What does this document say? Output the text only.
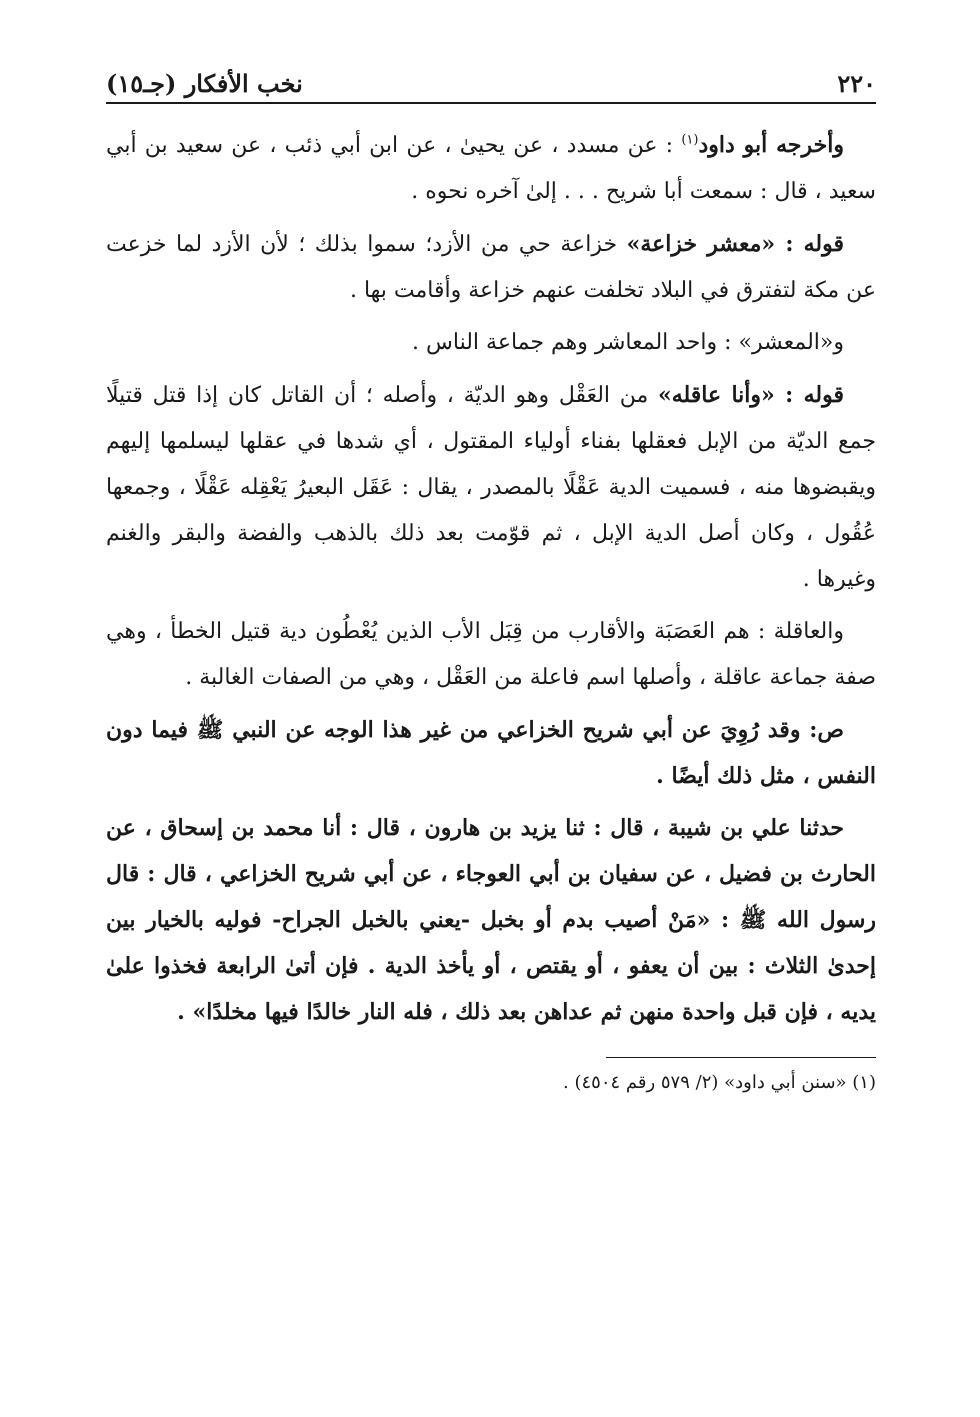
٢٢٠
نخب الأفكار (جـ١٥)

وأخرجه أبو داود$^{(١)}$ : عن مسدد ، عن يحيىٰ ، عن ابن أبي ذئب ، عن سعيد بن أبي سعيد ، قال : سمعت أبا شريح . . . إلىٰ آخره نحوه .

قوله : «معشر خزاعة» خزاعة حي من الأزد؛ سموا بذلك ؛ لأن الأزد لما خزعت عن مكة لتفترق في البلاد تخلفت عنهم خزاعة وأقامت بها .

و«المعشر» : واحد المعاشر وهم جماعة الناس .

قوله : «وأنا عاقله» من العَقْل وهو الديّة ، وأصله ؛ أن القاتل كان إذا قتل قتيلًا جمع الديّة من الإبل فعقلها بفناء أولياء المقتول ، أي شدها في عقلها ليسلمها إليهم ويقبضوها منه ، فسميت الدية عَقْلًا بالمصدر ، يقال : عَقَل البعيرُ يَعْقِله عَقْلًا ، وجمعها عُقُول ، وكان أصل الدية الإبل ، ثم قوّمت بعد ذلك بالذهب والفضة والبقر والغنم وغيرها .

والعاقلة : هم العَصَبَة والأقارب من قِبَل الأب الذين يُعْطُون دية قتيل الخطأ ، وهي صفة جماعة عاقلة ، وأصلها اسم فاعلة من العَقْل ، وهي من الصفات الغالبة .

ص: وقد رُوِيَ عن أبي شريح الخزاعي من غير هذا الوجه عن النبي ﷺ فيما دون النفس ، مثل ذلك أيضًا .

حدثنا علي بن شيبة ، قال : ثنا يزيد بن هارون ، قال : أنا محمد بن إسحاق ، عن الحارث بن فضيل ، عن سفيان بن أبي العوجاء ، عن أبي شريح الخزاعي ، قال : قال رسول الله ﷺ : «مَنْ أصيب بدم أو بخبل -يعني بالخبل الجراح- فوليه بالخيار بين إحدىٰ الثلاث : بين أن يعفو ، أو يقتص ، أو يأخذ الدية . فإن أتىٰ الرابعة فخذوا علىٰ يديه ، فإن قبل واحدة منهن ثم عداهن بعد ذلك ، فله النار خالدًا فيها مخلدًا» .

(١) «سنن أبي داود» (٢/ ٥٧٩ رقم ٤٥٠٤) .
